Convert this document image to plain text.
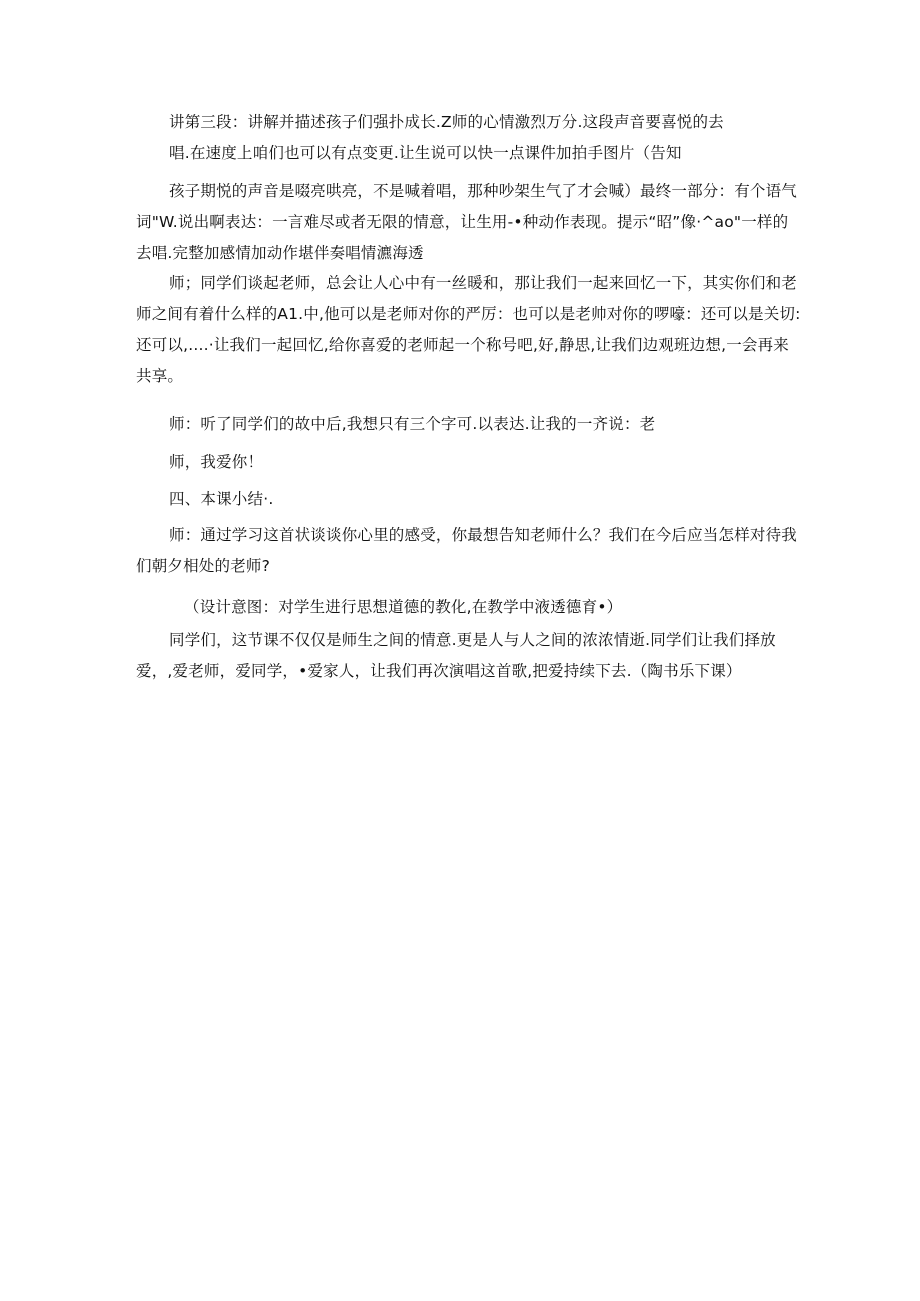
讲第三段：讲解并描述孩子们强扑成长.Z师的心情激烈万分.这段声音要喜悦的去
唱.在速度上咱们也可以有点变更.让生说可以快一点课件加拍手图片（告知
孩子期悦的声音是啜亮哄亮，不是喊着唱，那种吵架生气了才会喊）最终一部分：有个语气
词"W.说出啊表达：一言难尽或者无限的情意，让生用-•种动作表现。提示“昭”像·^ao"一样的
去唱.完整加感情加动作堪伴奏唱情瀌海透
师；同学们谈起老师，总会让人心中有一丝暖和，那让我们一起来回忆一下，其实你们和老
师之间有着什么样的A1.中,他可以是老师对你的严厉：也可以是老帅对你的啰嚎：还可以是关切:
还可以,....·让我们一起回忆,给你喜爱的老师起一个称号吧,好,静思,让我们边观班边想,一会再来
共享。
师：听了同学们的故中后,我想只有三个字可.以表达.让我的一齐说：老
师，我爱你！
四、本课小结·.
师：通过学习这首状谈谈你心里的感受，你最想告知老师什么？我们在今后应当怎样对待我
们朝夕相处的老师?
（设计意图：对学生进行思想道德的教化,在教学中液透德育•）
同学们，这节课不仅仅是师生之间的情意.更是人与人之间的浓浓情逝.同学们让我们择放
爱，,爱老师，爱同学，•爱家人，让我们再次演唱这首歌,把爱持续下去.（陶书乐下课）
